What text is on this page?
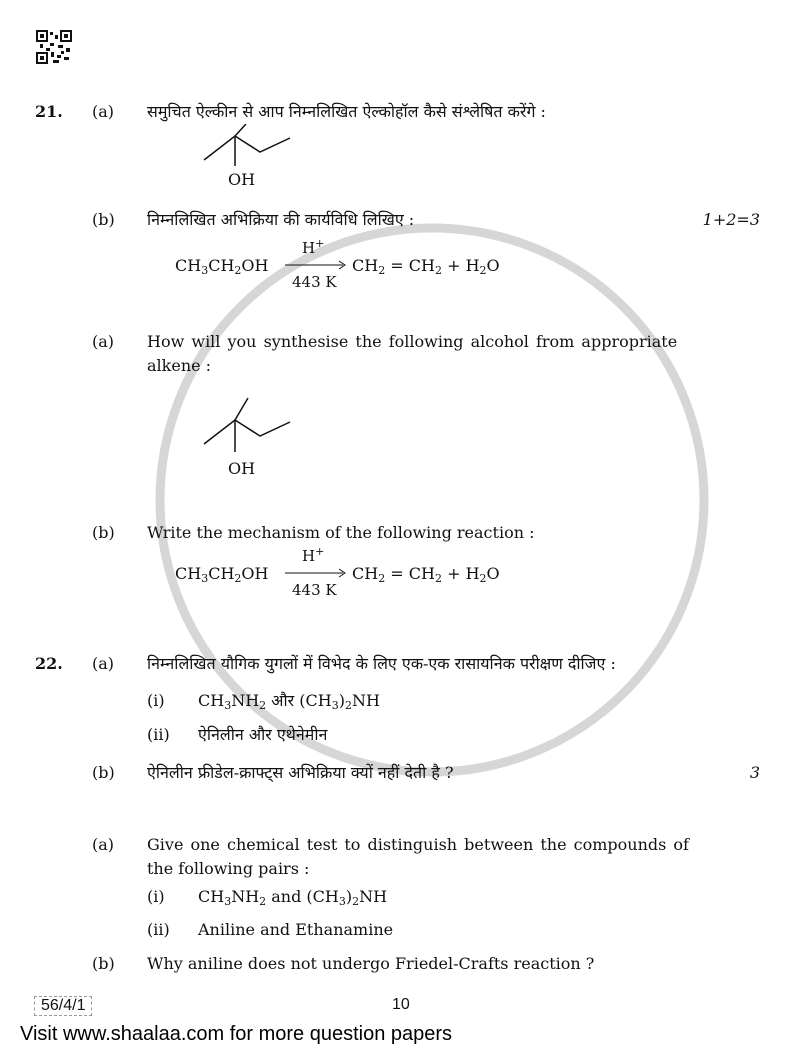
21. (a) समुचित ऐल्कीन से आप निम्नलिखित ऐल्कोहॉल कैसे संश्लेषित करेंगे :
OH
(b) निम्नलिखित अभिक्रिया की कार्यविधि लिखिए :	1+2=3
$CH_3CH_2OH$
H+
443 K
$CH_2 = CH_2 + H_2O$
(a) How will you synthesise the following alcohol from appropriate
alkene :
OH
(b) Write the mechanism of the following reaction :
$CH_3CH_2OH$
H+
443 K
$CH_2 = CH_2 + H_2O$
22. (a) निम्नलिखित यौगिक युगलों में विभेद के लिए एक-एक रासायनिक परीक्षण दीजिए :
(i) $CH_3NH_2$ और $(CH_3)_2NH$
(ii) ऐनिलीन और एथेनेमीन
(b) ऐनिलीन फ्रीडेल-क्राफ्ट्स अभिक्रिया क्यों नहीं देती है ?	3
(a) Give one chemical test to distinguish between the compounds of
the following pairs :
(i) $CH_3NH_2$ and $(CH_3)_2NH$
(ii) Aniline and Ethanamine
(b) Why aniline does not undergo Friedel-Crafts reaction ?
56/4/1	10
Visit www.shaalaa.com for more question papers
